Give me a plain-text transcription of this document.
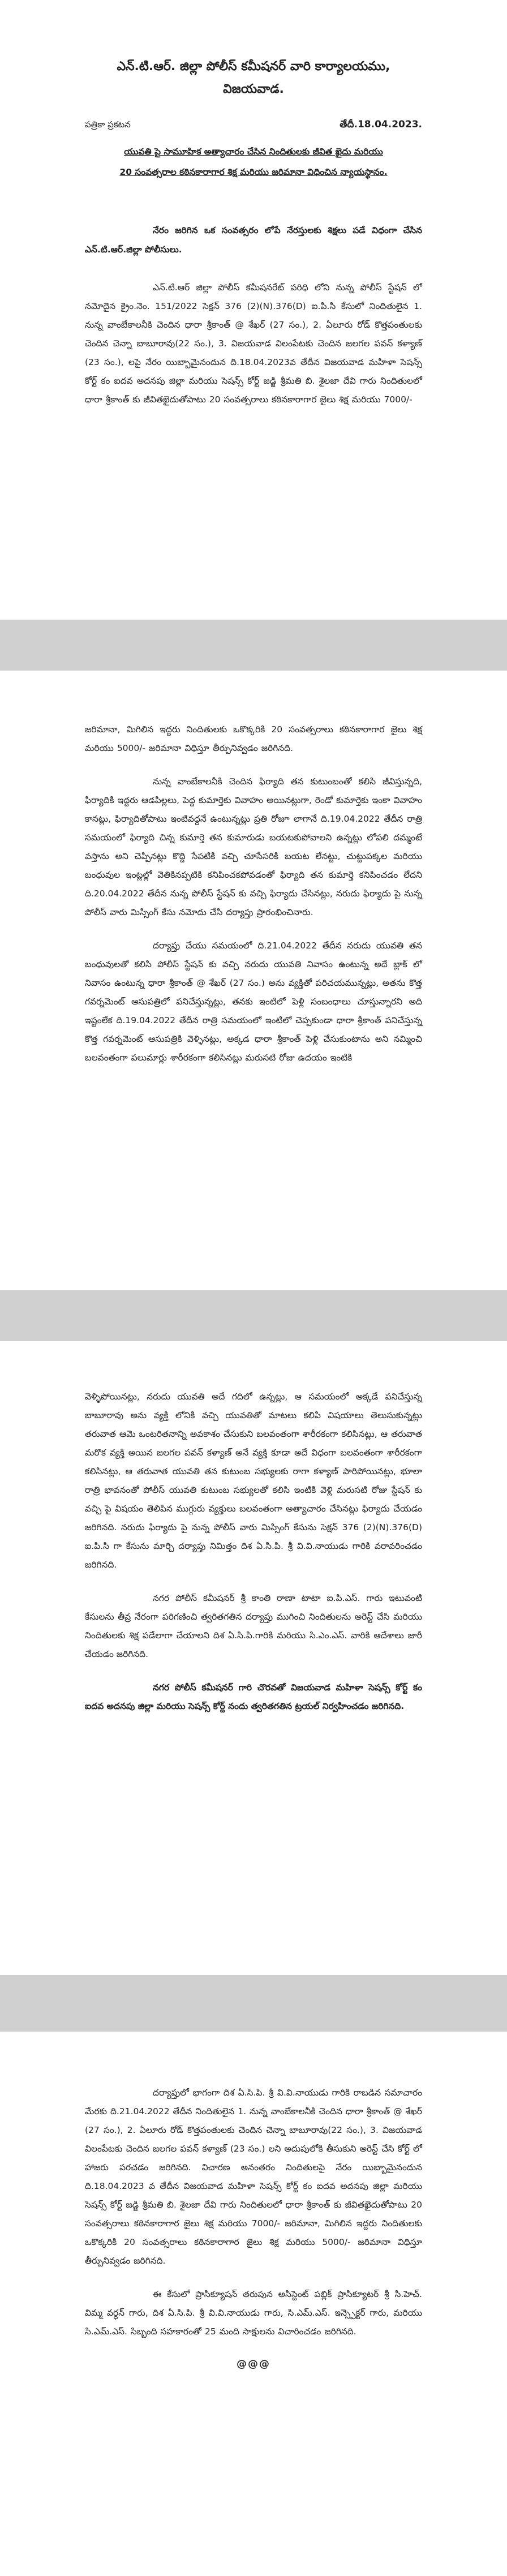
ఎన్.టి.ఆర్. జిల్లా పోలీస్ కమీషనర్ వారి కార్యాలయము,

విజయవాడ.

పత్రికా ప్రకటన	తేదీ.18.04.2023.

యువతి పై సామూహిక అత్యాచారం చేసిన నిందితులకు జీవిత ఖైదు మరియు

20 సంవత్సరాల కఠినకారాగార శిక్ష మరియు జరిమానా విధించిన న్యాయస్థానం.

నేరం జరిగిన ఒక సంవత్సరం లోపే నేరస్తులకు శిక్షలు పడే విధంగా చేసిన ఎన్.టి.ఆర్.జిల్లా పోలీసులు.

ఎన్.టి.ఆర్ జిల్లా పోలీస్ కమీషనరేట్ పరిధి లోని నున్న పోలీస్ స్టేషన్ లో నమోదైన క్రైం.నెం. 151/2022 సెక్షన్ 376 (2)(N).376(D) ఐ.పి.సి కేసులో నిందితులైన 1. నున్న వాంబేకాలనీకి చెందిన ధారా శ్రీకాంత్ @ శేఖర్ (27 సం.), 2. ఏలూరు రోడ్ కొత్తపంతులకు చెందిన చెన్నా బాబూరావు(22 సం.), 3. విజయవాడ విలంపేటకు చెందిన జలగల పవన్ కళ్యాణ్ (23 సం.), లపై నేరం యిబ్బామైనందున ది.18.04.2023వ తేదీన విజయవాడ మహిళా సెషన్స్ కోర్ట్ కం ఐదవ అదనపు జిల్లా మరియు సెషన్స్ కోర్ట్ జడ్జి శ్రీమతి బి. శైలజా దేవి గారు నిందితులలో ధారా శ్రీకాంత్ కు జీవితఖైదుతోపాటు 20 సంవత్సరాలు కఠినకారాగార జైలు శిక్ష మరియు 7000/-

జరిమానా, మిగిలిన ఇద్దరు నిందితులకు ఒకొక్కరికి 20 సంవత్సరాలు కఠినకారాగార జైలు శిక్ష మరియు 5000/- జరిమానా విధిస్తూ తీర్పునివ్వడం జరిగినది.

నున్న వాంబేకాలనీకి చెందిన ఫిర్యాది తన కుటుంబంతో కలిసి జీవిస్తున్నది, ఫిర్యాదికి ఇద్దరు ఆడపిల్లలు, పెద్ద కుమార్తెకు వివాహం అయినట్లుగా, రెండో కుమార్తెకు ఇంకా వివాహం కానట్లు, ఫిర్యాదితోపాటు ఇంటివద్దనే ఉంటున్నట్లు ప్రతి రోజూ లాగానే ది.19.04.2022 తేదీన రాత్రి సమయంలో ఫిర్యాది చిన్న కుమార్తె తన కుమారుడు బయటకుపోవాలని ఉన్నట్లు లోపలి దమ్మంటే వస్తాను అని చెప్పినట్లు కొద్ది సేపటికి వచ్చి చూసేసరికి బయట లేనట్టు, చుట్టుపక్కల మరియు బంధువుల ఇంట్లల్లో వెతికినప్పటికి కనిపించకపోవడంతో ఫిర్యాది తన కుమార్తె కనిపించడం లేదని ది.20.04.2022 తేదీన నున్న పోలీస్ స్టేషన్ కు వచ్చి ఫిర్యాదు చేసినట్లు, నరుదు ఫిర్యాదు పై నున్న పోలీస్ వారు మిస్సింగ్ కేసు నమోదు చేసి దర్యాప్తు ప్రారంభించినారు.

దర్యాప్తు చేయు సమయంలో ది.21.04.2022 తేదీన నరుదు యువతి తన బంధువులతో కలిసి పోలీస్ స్టేషన్ కు వచ్చి నరుదు యువతి నివాసం ఉంటున్న అదే బ్లాక్ లో నివాసం ఉంటున్న ధారా శ్రీకాంత్ @ శేఖర్ (27 సం.) అను వ్యక్తితో పరిచయమున్నట్లు, అతను కొత్త గవర్నమెంట్ ఆసుపత్రిలో పనిచేస్తున్నట్లు, తనకు ఇంటిలో పెళ్లి సంబంధాలు చూస్తున్నారని అది ఇష్టంలేక ది.19.04.2022 తేదీన రాత్రి సమయంలో ఇంటిలో చెప్పకుండా ధారా శ్రీకాంత్ పనిచేస్తున్న కొత్త గవర్నమెంట్ ఆసుపత్రికి వెళ్ళినట్లు, అక్కడ ధారా శ్రీకాంత్ పెళ్లి చేసుకుంటాను అని నమ్మించి బలవంతంగా పలుమార్లు శారీరకంగా కలిసినట్లు మరుసటి రోజు ఉదయం ఇంటికి

వెళ్ళిపోయినట్లు, నరుదు యువతి అదే గదిలో ఉన్నట్లు, ఆ సమయంలో అక్కడే పనిచేస్తున్న బాబూరావు అను వ్యక్తి లోనికి వచ్చి యువతితో మాటలు కలిపి విషయాలు తెలుసుకున్నట్లు తరువాత ఆమె ఒంటరితనాన్ని అవకాశం చేసుకుని బలవంతంగా శారీరకంగా కలిసినట్లు, ఆ తరువాత మరొక వ్యక్తి అయిన జలగల పవన్ కళ్యాణ్ అనే వ్యక్తి కూడా అదే విధంగా బలవంతంగా శారీరకంగా కలిసినట్లు, ఆ తరువాత యువతి తన కుటుంబ సభ్యులకు రాగా కళ్యాణ్ పారిపోయినట్లు, భూలా రాత్రి భావనంతో పోలీస్ యువతి కుటుంబ సభ్యులతో కలిసి ఇంటికి వెళ్లి మరుసటి రోజు స్టేషన్ కు వచ్చి పై విషయం తెలిపిన ముగ్గురు వ్యక్తులు బలవంతంగా అత్యాచారం చేసినట్లు ఫిర్యాదు చేయడం జరిగినది. నరుదు ఫిర్యాదు పై నున్న పోలీస్ వారు మిస్సింగ్ కేసును సెక్షన్ 376 (2)(N).376(D) ఐ.పి.సి గా కేసును మార్చి దర్యాప్తు నిమిత్తం దిశ ఏ.సి.పి. శ్రీ వి.వి.నాయుడు గారికి వరావరించడం జరిగినది.

నగర పోలీస్ కమీషనర్ శ్రీ కాంతి రాణా టాటా ఐ.పి.ఎస్. గారు ఇటువంటి కేసులను తీవ్ర నేరంగా పరిగణించి త్వరితగతిన దర్యాప్తు ముగించి నిందితులను అరెస్ట్ చేసి మరియు నిందితులకు శిక్ష పడేలాగా చేయాలని దిశ ఏ.సి.పి.గారికి మరియు సి.ఎం.ఎస్. వారికి ఆదేశాలు జారీ చేయడం జరిగినది.

నగర పోలీస్ కమీషనర్ గారి చొరవతో విజయవాడ మహిళా సెషన్స్ కోర్ట్ కం ఐదవ అదనపు జిల్లా మరియు సెషన్స్ కోర్ట్ నందు త్వరితగతిన ట్రయల్ నిర్వహించడం జరిగినది.

దర్యాప్తులో భాగంగా దిశ ఏ.సి.పి. శ్రీ వి.వి.నాయుడు గారికి రాబడిన సమాచారం మేరకు ది.21.04.2022 తేదీన నిందితులైన 1. నున్న వాంబేకాలనీకి చెందిన ధారా శ్రీకాంత్ @ శేఖర్ (27 సం.), 2. ఏలూరు రోడ్ కొత్తపంతులకు చెందిన చెన్నా బాబూరావు(22 సం.), 3. విజయవాడ విలంపేటకు చెందిన జలగల పవన్ కళ్యాణ్ (23 సం.) లని అదుపులోకి తీసుకుని అరెస్ట్ చేసి కోర్ట్ లో హాజరు పరచడం జరిగినది. విచారణ అనంతరం నిందితులపై నేరం యిబ్బామైనందున ది.18.04.2023 వ తేదీన విజయవాడ మహిళా సెషన్స్ కోర్ట్ కం ఐదవ అదనపు జిల్లా మరియు సెషన్స్ కోర్ట్ జడ్జి శ్రీమతి బి. శైలజా దేవి గారు నిందితులలో ధారా శ్రీకాంత్ కు జీవితఖైదుతోపాటు 20 సంవత్సరాలు కఠినకారాగార జైలు శిక్ష మరియు 7000/- జరిమానా, మిగిలిన ఇద్దరు నిందితులకు ఒకొక్కరికి 20 సంవత్సరాలు కఠినకారాగార జైలు శిక్ష మరియు 5000/- జరిమానా విధిస్తూ తీర్పునివ్వడం జరిగినది.

ఈ కేసులో ప్రాసిక్యూషన్ తరుపున అసిస్టెంట్ పబ్లిక్ ప్రాసిక్యూటర్ శ్రీ సి.హెచ్. విమ్మ వర్ధన్ గారు, దిశ ఏ.సి.పి. శ్రీ వి.వి.నాయుడు గారు, సి.ఎమ్.ఎస్. ఇన్స్పెక్టర్ గారు, మరియు సి.ఎమ్.ఎస్. సిబ్బంది సహకారంతో 25 మంది సాక్షులను విచారించడం జరిగినది.

@@@
